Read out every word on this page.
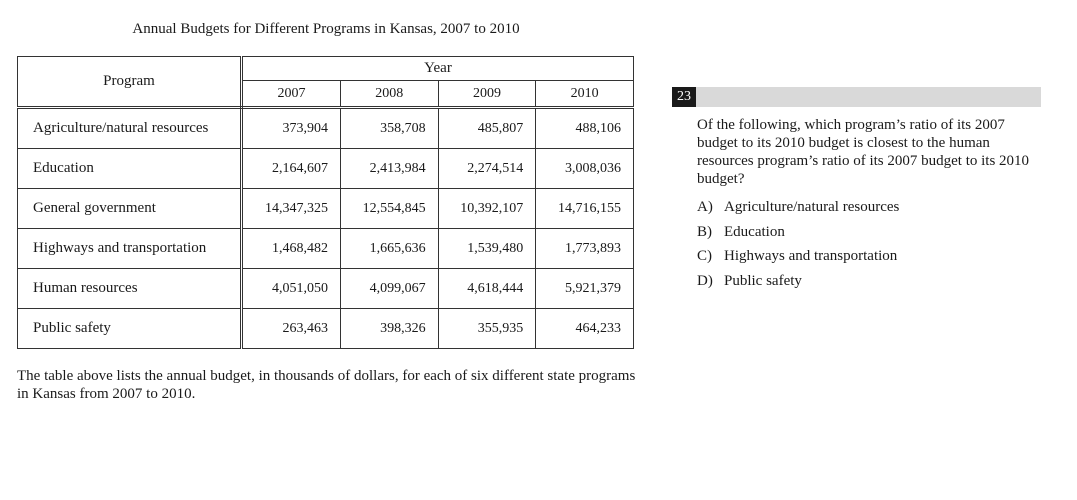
Annual Budgets for Different Programs in Kansas, 2007 to 2010
Program	Year			
	2007	2008	2009	2010
Agriculture/natural resources	373,904	358,708	485,807	488,106
Education	2,164,607	2,413,984	2,274,514	3,008,036
General government	14,347,325	12,554,845	10,392,107	14,716,155
Highways and transportation	1,468,482	1,665,636	1,539,480	1,773,893
Human resources	4,051,050	4,099,067	4,618,444	5,921,379
Public safety	263,463	398,326	355,935	464,233
The table above lists the annual budget, in thousands of dollars, for each of six different state programs in Kansas from 2007 to 2010.
23
Of the following, which program’s ratio of its 2007 budget to its 2010 budget is closest to the human resources program’s ratio of its 2007 budget to its 2010 budget?
A) Agriculture/natural resources
B) Education
C) Highways and transportation
D) Public safety
